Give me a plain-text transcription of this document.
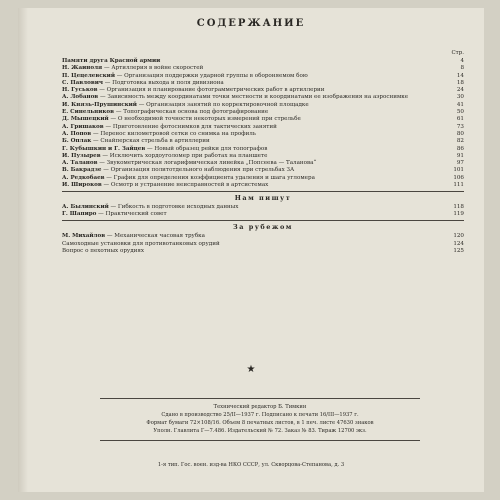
СОДЕРЖАНИЕ
Стр.
Памяти друга Красной армии	4
Н. Жаиноля — Артиллерия в войне скоростей	8
П. Цецелевский — Организация поддержки ударной группы в обороняемом бою	14
С. Павлович — Подготовка выхода и поля дивизиона	18
Н. Гуськов — Организация и планирование фотограмметрических работ в артиллерии	24
А. Лобанов — Зависимость между координатами точки местности и координатами ее изображения на аэроснимке	30
И. Князь-Прушинский — Организация занятий по корректировочной площадке	41
Е. Синельников — Топографическая основа под фотографирование	50
Д. Мышецкий — О необходимой точности некоторых измерений при стрельбе	61
А. Гришаков — Приготовление фотоснимков для тактических занятий	73
А. Попов — Перенос километровой сетки со снимка на профиль	80
Б. Оплак — Снайперская стрельба в артиллерии	82
Г. Кубышкин и Г. Зайцев — Новый образец рейки для топографов	86
И. Пузырев — Исключить хордоуголомер при работах на планшете	91
А. Таланов — Звукометрическая логарифмическая линейка „Попсеева — Таланова“	97
В. Бакрадзе — Организация политотдельного наблюдения при стрельбах ЗА	101
А. Редкобаев — График для определения коэффициента удаления и шага угломера	106
И. Широков — Осмотр и устранение неисправностей в артсистемах	111
Нам пишут
А. Былинский — Гибкость в подготовке исходных данных	118
Г. Шапиро — Практический совет	119
За рубежом
М. Михайлов — Механическая часовая трубка	120
Самоходные установки для противотанковых орудий	124
Вопрос о пехотных орудиях	125
★
Технический редактор Б. Тимкин
Сдано в производство 25/II—1937 г. Подписано к печати 16/III—1937 г.
Формат бумаги 72×108/16. Объем 8 печатных листов, в 1 печ. листе 47630 знаков
Уполн. Главлита Г—7.486. Издательский № 72. Заказ № 83. Тираж 12700 экз.
1-я тип. Гос. воен. изд-ва НКО СССР, ул. Скворцова-Степанова, д. 3
